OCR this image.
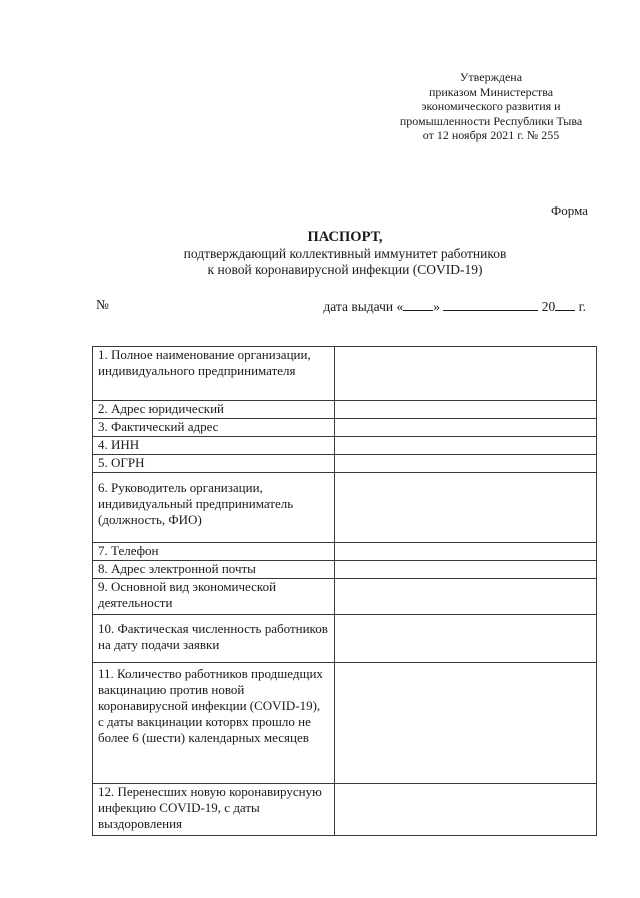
Утверждена
приказом Министерства
экономического развития и
промышленности Республики Тыва
от 12 ноября 2021 г. № 255
Форма
ПАСПОРТ,
подтверждающий коллективный иммунитет работников
к новой коронавирусной инфекции (COVID-19)
№	дата выдачи « »	20 г.
1. Полное наименование организации, индивидуального предпринимателя	
2. Адрес юридический	
3. Фактический адрес	
4. ИНН	
5. ОГРН	
6. Руководитель организации, индивидуальный предприниматель (должность, ФИО)	
7. Телефон	
8. Адрес электронной почты	
9. Основной вид экономической деятельности	
10. Фактическая численность работников на дату подачи заявки	
11. Количество работников продшедщих вакцинацию против новой коронавирусной инфекции (COVID-19), с даты вакцинации которвх прошло не более 6 (шести) календарных месяцев	
12. Перенесших новую коронавирусную инфекцию COVID-19, с даты выздоровления	
